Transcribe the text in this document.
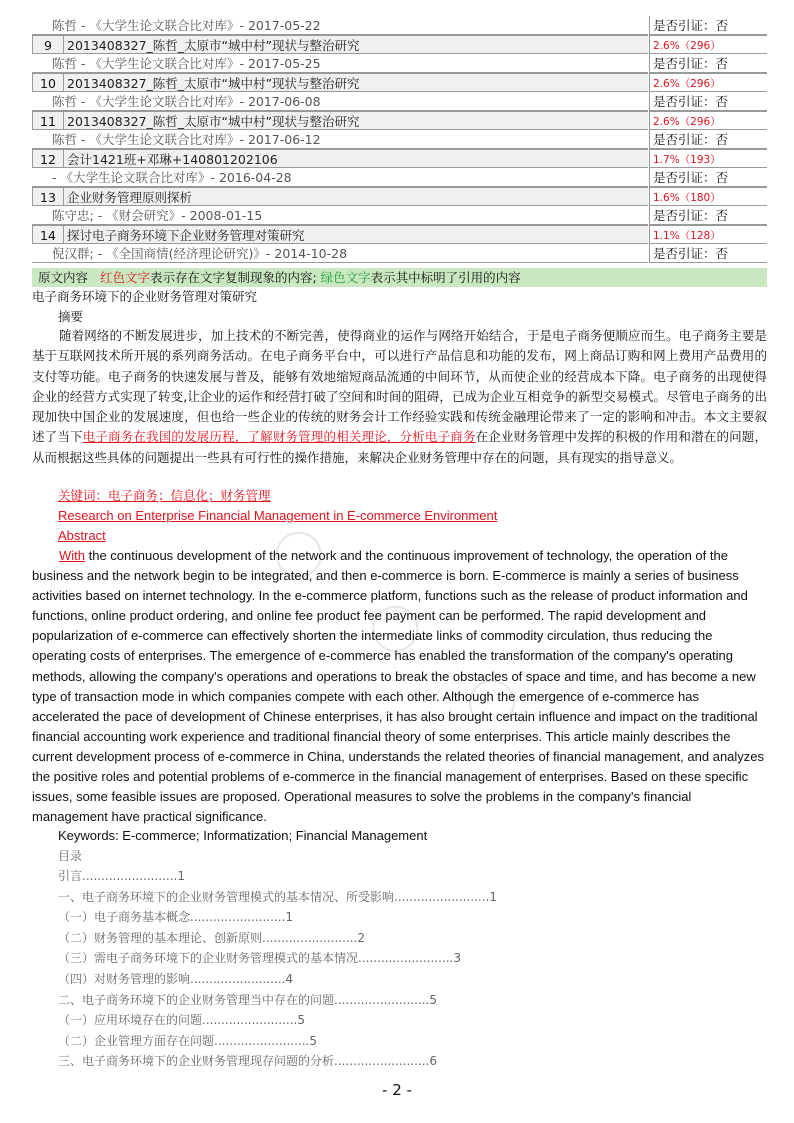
陈哲 - 《大学生论文联合比对库》- 2017-05-22	是否引证：否
9 2013408327_陈哲_太原市“城中村”现状与整治研究	2.6%（296）
陈哲 - 《大学生论文联合比对库》- 2017-05-25	是否引证：否
10 2013408327_陈哲_太原市“城中村”现状与整治研究	2.6%（296）
陈哲 - 《大学生论文联合比对库》- 2017-06-08	是否引证：否
11 2013408327_陈哲_太原市“城中村”现状与整治研究	2.6%（296）
陈哲 - 《大学生论文联合比对库》- 2017-06-12	是否引证：否
12 会计1421班+邓琳+140801202106	1.7%（193）
- 《大学生论文联合比对库》- 2016-04-28	是否引证：否
13 企业财务管理原则探析	1.6%（180）
陈守忠; - 《财会研究》- 2008-01-15	是否引证：否
14 探讨电子商务环境下企业财务管理对策研究	1.1%（128）
倪汉群; - 《全国商情(经济理论研究)》- 2014-10-28	是否引证：否
原文内容 红色文字表示存在文字复制现象的内容; 绿色文字表示其中标明了引用的内容
电子商务环境下的企业财务管理对策研究
摘要
随着网络的不断发展进步，加上技术的不断完善，使得商业的运作与网络开始结合，于是电子商务便顺应而生。电子商务主要是基于互联网技术所开展的系列商务活动。在电子商务平台中，可以进行产品信息和功能的发布，网上商品订购和网上费用产品费用的支付等功能。电子商务的快速发展与普及，能够有效地缩短商品流通的中间环节，从而使企业的经营成本下降。电子商务的出现使得企业的经营方式实现了转变,让企业的运作和经营打破了空间和时间的阻碍，已成为企业互相竞争的新型交易模式。尽管电子商务的出现加快中国企业的发展速度，但也给一些企业的传统的财务会计工作经验实践和传统金融理论带来了一定的影响和冲击。本文主要叙述了当下电子商务在我国的发展历程，了解财务管理的相关理论，分析电子商务在企业财务管理中发挥的积极的作用和潜在的问题，从而根据这些具体的问题提出一些具有可行性的操作措施，来解决企业财务管理中存在的问题，具有现实的指导意义。
关键词：电子商务；信息化；财务管理
Research on Enterprise Financial Management in E-commerce Environment
Abstract
With the continuous development of the network and the continuous improvement of technology, the operation of the business and the network begin to be integrated, and then e-commerce is born. E-commerce is mainly a series of business activities based on internet technology. In the e-commerce platform, functions such as the release of product information and functions, online product ordering, and online fee product fee payment can be performed. The rapid development and popularization of e-commerce can effectively shorten the intermediate links of commodity circulation, thus reducing the operating costs of enterprises. The emergence of e-commerce has enabled the transformation of the company's operating methods, allowing the company's operations and operations to break the obstacles of space and time, and has become a new type of transaction mode in which companies compete with each other. Although the emergence of e-commerce has accelerated the pace of development of Chinese enterprises, it has also brought certain influence and impact on the traditional financial accounting work experience and traditional financial theory of some enterprises. This article mainly describes the current development process of e-commerce in China, understands the related theories of financial management, and analyzes the positive roles and potential problems of e-commerce in the financial management of enterprises. Based on these specific issues, some feasible issues are proposed. Operational measures to solve the problems in the company's financial management have practical significance.
Keywords: E-commerce; Informatization; Financial Management
目录
引言.........................1
一、电子商务环境下的企业财务管理模式的基本情况、所受影响.........................1
（一）电子商务基本概念.........................1
（二）财务管理的基本理论、创新原则.........................2
（三）需电子商务环境下的企业财务管理模式的基本情况.........................3
（四）对财务管理的影响.........................4
二、电子商务环境下的企业财务管理当中存在的问题.........................5
（一）应用环境存在的问题.........................5
（二）企业管理方面存在问题.........................5
三、电子商务环境下的企业财务管理现存问题的分析.........................6
- 2 -
